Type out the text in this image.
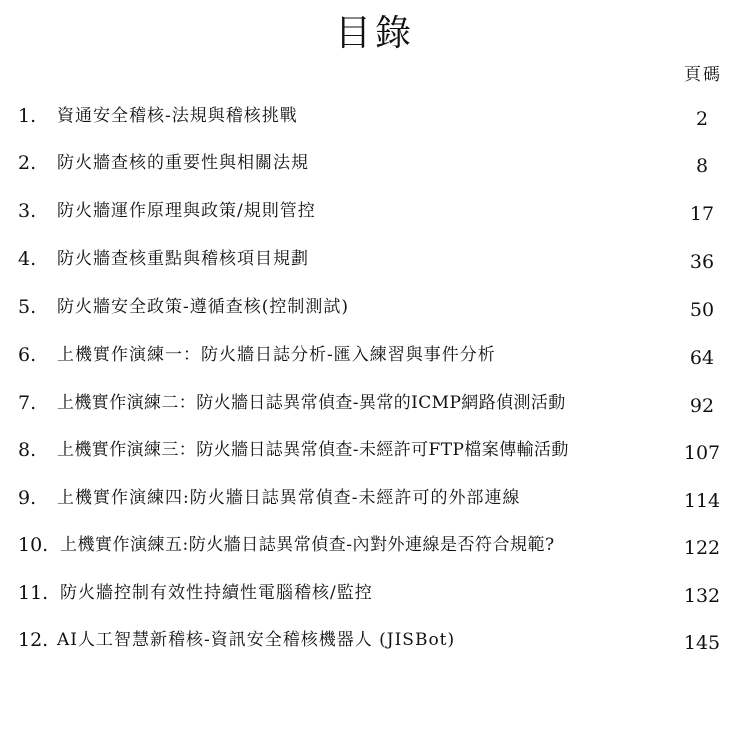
目錄
頁碼
1. 資通安全稽核-法規與稽核挑戰	2
2. 防火牆查核的重要性與相關法規	8
3. 防火牆運作原理與政策/規則管控	17
4. 防火牆查核重點與稽核項目規劃	36
5. 防火牆安全政策-遵循查核(控制測試)	50
6. 上機實作演練一：防火牆日誌分析-匯入練習與事件分析	64
7. 上機實作演練二：防火牆日誌異常偵查-異常的ICMP網路偵測活動	92
8. 上機實作演練三：防火牆日誌異常偵查-未經許可FTP檔案傳輸活動	107
9. 上機實作演練四:防火牆日誌異常偵查-未經許可的外部連線	114
10. 上機實作演練五:防火牆日誌異常偵查-內對外連線是否符合規範?	122
11. 防火牆控制有效性持續性電腦稽核/監控	132
12. AI人工智慧新稽核-資訊安全稽核機器人 (JISBot)	145
